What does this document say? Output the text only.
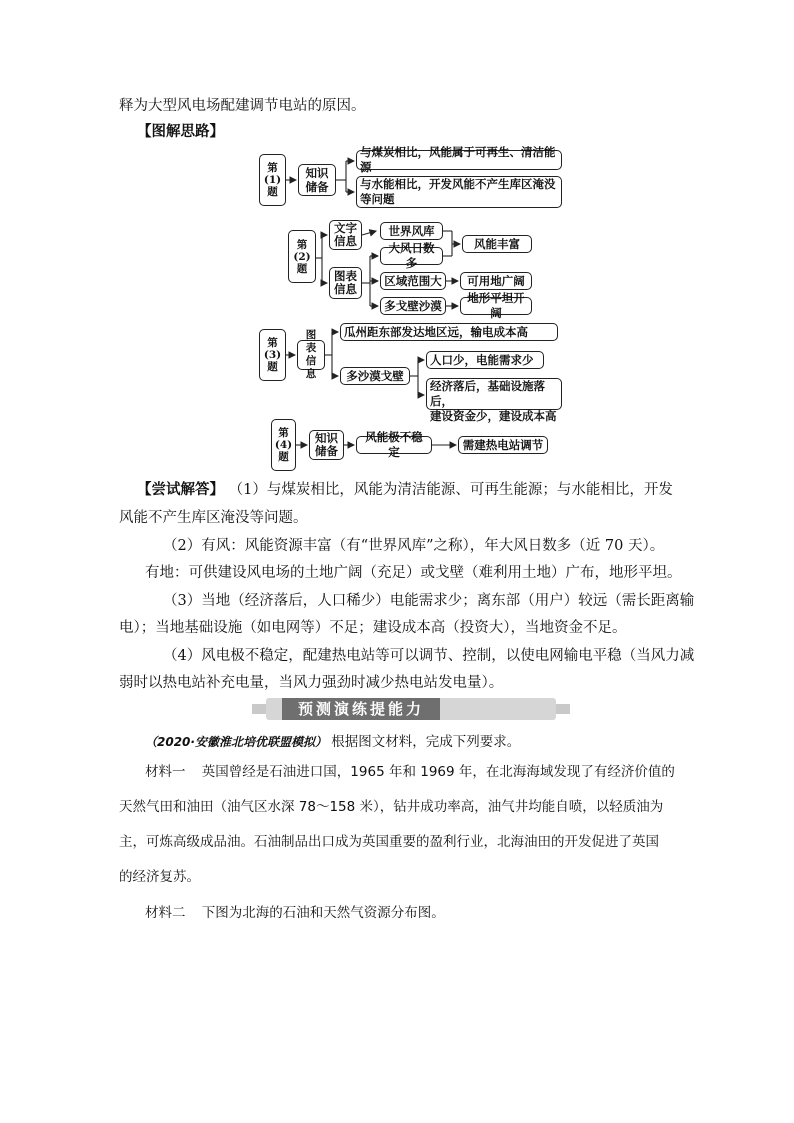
释为大型风电场配建调节电站的原因。
【图解思路】
第(1)题
知识储备
与煤炭相比，风能属于可再生、清洁能源
与水能相比，开发风能不产生库区淹没等问题
第(2)题
文字信息
图表信息
世界风库
大风日数多
风能丰富
区域范围大	可用地广阔
多戈壁沙漠
地形平坦开阔
第(3)题
图表信息
瓜州距东部发达地区远，输电成本高
多沙漠戈壁
人口少，电能需求少
经济落后，基础设施落后，
建设资金少，建设成本高
第(4)题
知识储备
风能极不稳定
需建热电站调节
【尝试解答】 （1）与煤炭相比，风能为清洁能源、可再生能源；与水能相比，开发
风能不产生库区淹没等问题。
（2）有风：风能资源丰富（有“世界风库”之称），年大风日数多（近 70 天）。
有地：可供建设风电场的土地广阔（充足）或戈壁（难利用土地）广布，地形平坦。
（3）当地（经济落后，人口稀少）电能需求少；离东部（用户）较远（需长距离输
电）；当地基础设施（如电网等）不足；建设成本高（投资大），当地资金不足。
（4）风电极不稳定，配建热电站等可以调节、控制，以使电网输电平稳（当风力减
弱时以热电站补充电量，当风力强劲时减少热电站发电量）。
预测演练提能力
（2020·安徽淮北培优联盟模拟） 根据图文材料，完成下列要求。
材料一 英国曾经是石油进口国，1965 年和 1969 年，在北海海域发现了有经济价值的
天然气田和油田（油气区水深 78～158 米），钻井成功率高，油气井均能自喷，以轻质油为
主，可炼高级成品油。石油制品出口成为英国重要的盈利行业，北海油田的开发促进了英国
的经济复苏。
材料二 下图为北海的石油和天然气资源分布图。
